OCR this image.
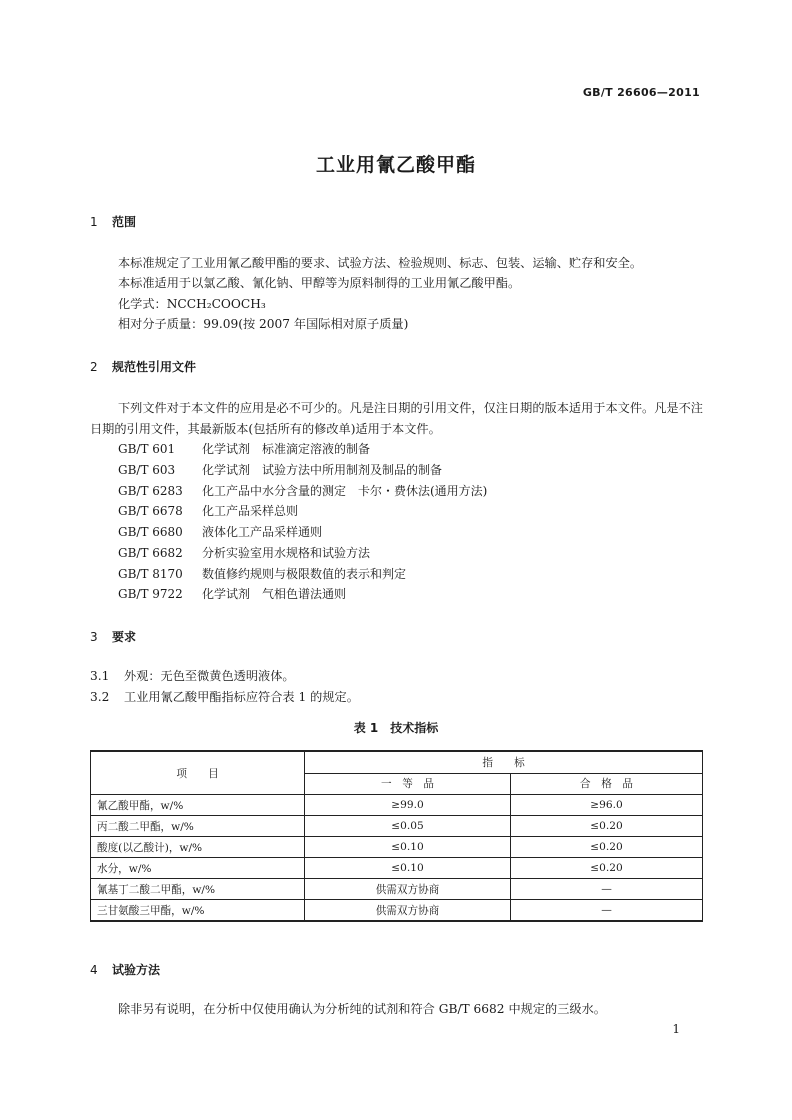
GB/T 26606—2011
工业用氰乙酸甲酯
1 范围
本标准规定了工业用氰乙酸甲酯的要求、试验方法、检验规则、标志、包装、运输、贮存和安全。
本标准适用于以氯乙酸、氰化钠、甲醇等为原料制得的工业用氰乙酸甲酯。
化学式：NCCH₂COOCH₃
相对分子质量：99.09(按 2007 年国际相对原子质量)
2 规范性引用文件
下列文件对于本文件的应用是必不可少的。凡是注日期的引用文件，仅注日期的版本适用于本文件。凡是不注日期的引用文件，其最新版本(包括所有的修改单)适用于本文件。
GB/T 601 化学试剂　标准滴定溶液的制备
GB/T 603 化学试剂　试验方法中所用制剂及制品的制备
GB/T 6283 化工产品中水分含量的测定　卡尔・费休法(通用方法)
GB/T 6678 化工产品采样总则
GB/T 6680 液体化工产品采样通则
GB/T 6682 分析实验室用水规格和试验方法
GB/T 8170 数值修约规则与极限数值的表示和判定
GB/T 9722 化学试剂　气相色谱法通则
3 要求
3.1 外观：无色至微黄色透明液体。
3.2 工业用氰乙酸甲酯指标应符合表 1 的规定。
表 1　技术指标
项　　目	指　　标	
	一　等　品	合　格　品
氰乙酸甲酯，w/%	≥99.0	≥96.0
丙二酸二甲酯，w/%	≤0.05	≤0.20
酸度(以乙酸计)，w/%	≤0.10	≤0.20
水分，w/%	≤0.10	≤0.20
氰基丁二酸二甲酯，w/%	供需双方协商	—
三甘氨酸三甲酯，w/%	供需双方协商	—
4 试验方法
除非另有说明，在分析中仅使用确认为分析纯的试剂和符合 GB/T 6682 中规定的三级水。
1
